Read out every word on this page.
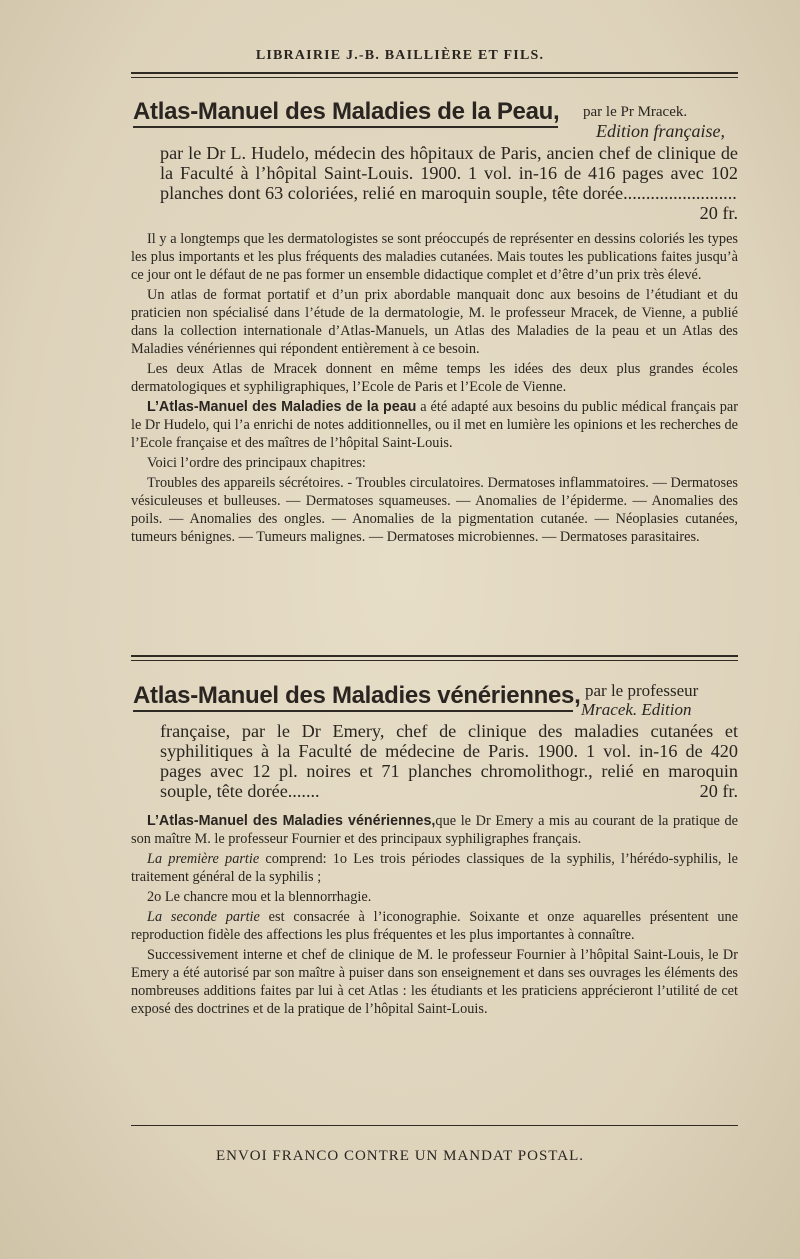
LIBRAIRIE J.-B. BAILLIÈRE ET FILS.
Atlas-Manuel des Maladies de la Peau,	par le Pr Mracek.
Edition française,
par le Dr L. Hudelo, médecin des hôpitaux de Paris, ancien chef de clinique de la Faculté à l’hôpital Saint-Louis. 1900. 1 vol. in-16 de 416 pages avec 102 planches dont 63 coloriées, relié en maroquin souple, tête dorée.........................
20 fr.

Il y a longtemps que les dermatologistes se sont préoccupés de représenter en dessins coloriés les types les plus importants et les plus fréquents des maladies cutanées. Mais toutes les publications faites jusqu’à ce jour ont le défaut de ne pas former un ensemble didactique complet et d’être d’un prix très élevé.

Un atlas de format portatif et d’un prix abordable manquait donc aux besoins de l’étudiant et du praticien non spécialisé dans l’étude de la dermatologie, M. le professeur Mracek, de Vienne, a publié dans la collection internationale d’Atlas-Manuels, un Atlas des Maladies de la peau et un Atlas des Maladies vénériennes qui répondent entièrement à ce besoin.

Les deux Atlas de Mracek donnent en même temps les idées des deux plus grandes écoles dermatologiques et syphiligraphiques, l’Ecole de Paris et l’Ecole de Vienne.

L’Atlas-Manuel des Maladies de la peau a été adapté aux besoins du public médical français par le Dr Hudelo, qui l’a enrichi de notes additionnelles, ou il met en lumière les opinions et les recherches de l’Ecole française et des maîtres de l’hôpital Saint-Louis.

Voici l’ordre des principaux chapitres:

Troubles des appareils sécrétoires. - Troubles circulatoires. Dermatoses inflammatoires. — Dermatoses vésiculeuses et bulleuses. — Dermatoses squameuses. — Anomalies de l’épiderme. — Anomalies des poils. — Anomalies des ongles. — Anomalies de la pigmentation cutanée. — Néoplasies cutanées, tumeurs bénignes. — Tumeurs malignes. — Dermatoses microbiennes. — Dermatoses parasitaires.

Atlas-Manuel des Maladies vénériennes, par le professeur
Mracek. Edition
française, par le Dr Emery, chef de clinique des maladies cutanées et syphilitiques à la Faculté de médecine de Paris. 1900. 1 vol. in-16 de 420 pages avec 12 pl. noires et 71 planches chromolithogr., relié en maroquin souple, tête dorée.......	20 fr.

L’Atlas-Manuel des Maladies vénériennes,que le Dr Emery a mis au courant de la pratique de son maître M. le professeur Fournier et des principaux syphiligraphes français.

La première partie comprend: 1o Les trois périodes classiques de la syphilis, l’hérédo-syphilis, le traitement général de la syphilis ;

2o Le chancre mou et la blennorrhagie.

La seconde partie est consacrée à l’iconographie. Soixante et onze aquarelles présentent une reproduction fidèle des affections les plus fréquentes et les plus importantes à connaître.

Successivement interne et chef de clinique de M. le professeur Fournier à l’hôpital Saint-Louis, le Dr Emery a été autorisé par son maître à puiser dans son enseignement et dans ses ouvrages les éléments des nombreuses additions faites par lui à cet Atlas : les étudiants et les praticiens apprécieront l’utilité de cet exposé des doctrines et de la pratique de l’hôpital Saint-Louis.

ENVOI FRANCO CONTRE UN MANDAT POSTAL.
